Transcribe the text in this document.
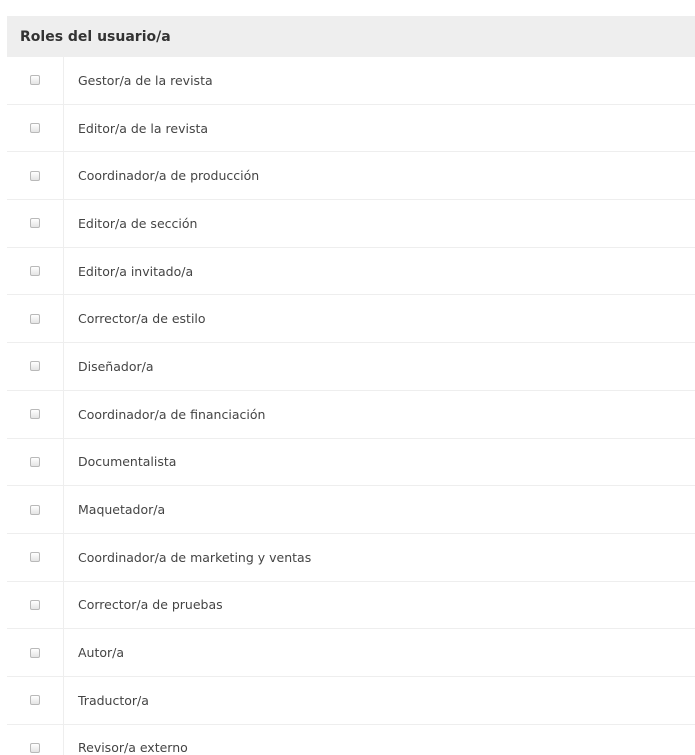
Roles del usuario/a
Gestor/a de la revista
Editor/a de la revista
Coordinador/a de producción
Editor/a de sección
Editor/a invitado/a
Corrector/a de estilo
Diseñador/a
Coordinador/a de financiación
Documentalista
Maquetador/a
Coordinador/a de marketing y ventas
Corrector/a de pruebas
Autor/a
Traductor/a
Revisor/a externo
